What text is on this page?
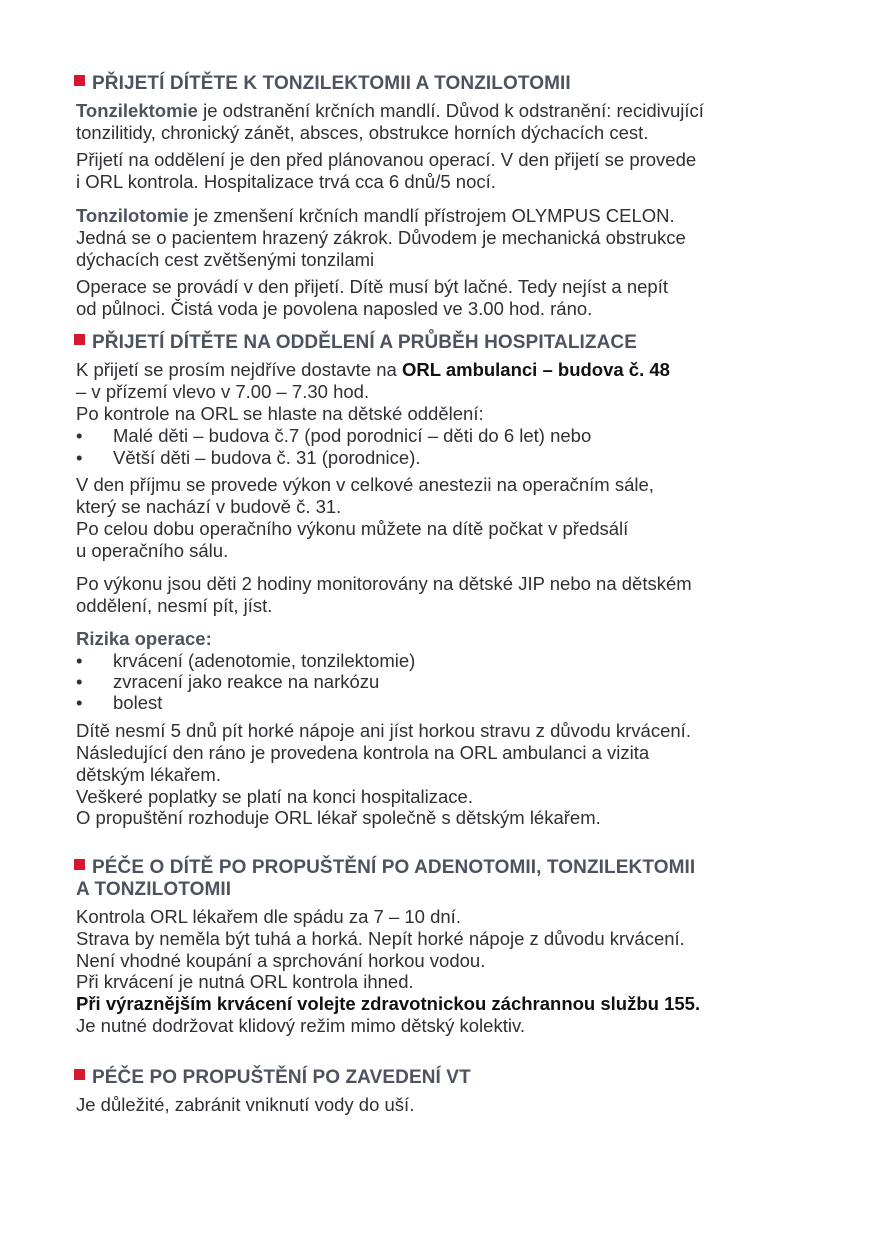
PŘIJETÍ DÍTĚTE K TONZILEKTOMII A TONZILOTOMII
Tonzilektomie je odstranění krčních mandlí. Důvod k odstranění: recidivující
tonzilitidy, chronický zánět, absces, obstrukce horních dýchacích cest.
Přijetí na oddělení je den před plánovanou operací. V den přijetí se provede
i ORL kontrola. Hospitalizace trvá cca 6 dnů/5 nocí.
Tonzilotomie je zmenšení krčních mandlí přístrojem OLYMPUS CELON.
Jedná se o pacientem hrazený zákrok. Důvodem je mechanická obstrukce
dýchacích cest zvětšenými tonzilami
Operace se provádí v den přijetí. Dítě musí být lačné. Tedy nejíst a nepít
od půlnoci. Čistá voda je povolena naposled ve 3.00 hod. ráno.
PŘIJETÍ DÍTĚTE NA ODDĚLENÍ A PRŮBĚH HOSPITALIZACE
K přijetí se prosím nejdříve dostavte na ORL ambulanci – budova č. 48
– v přízemí vlevo v 7.00 – 7.30 hod.
Po kontrole na ORL se hlaste na dětské oddělení:
• Malé děti – budova č.7 (pod porodnicí – děti do 6 let) nebo
• Větší děti – budova č. 31 (porodnice).
V den příjmu se provede výkon v celkové anestezii na operačním sále,
který se nachází v budově č. 31.
Po celou dobu operačního výkonu můžete na dítě počkat v předsálí
u operačního sálu.
Po výkonu jsou děti 2 hodiny monitorovány na dětské JIP nebo na dětském
oddělení, nesmí pít, jíst.
Rizika operace:
• krvácení (adenotomie, tonzilektomie)
• zvracení jako reakce na narkózu
• bolest
Dítě nesmí 5 dnů pít horké nápoje ani jíst horkou stravu z důvodu krvácení.
Následující den ráno je provedena kontrola na ORL ambulanci a vizita
dětským lékařem.
Veškeré poplatky se platí na konci hospitalizace.
O propuštění rozhoduje ORL lékař společně s dětským lékařem.
PÉČE O DÍTĚ PO PROPUŠTĚNÍ PO ADENOTOMII, TONZILEKTOMII
A TONZILOTOMII
Kontrola ORL lékařem dle spádu za 7 – 10 dní.
Strava by neměla být tuhá a horká. Nepít horké nápoje z důvodu krvácení.
Není vhodné koupání a sprchování horkou vodou.
Při krvácení je nutná ORL kontrola ihned.
Při výraznějším krvácení volejte zdravotnickou záchrannou službu 155.
Je nutné dodržovat klidový režim mimo dětský kolektiv.
PÉČE PO PROPUŠTĚNÍ PO ZAVEDENÍ VT
Je důležité, zabránit vniknutí vody do uší.
